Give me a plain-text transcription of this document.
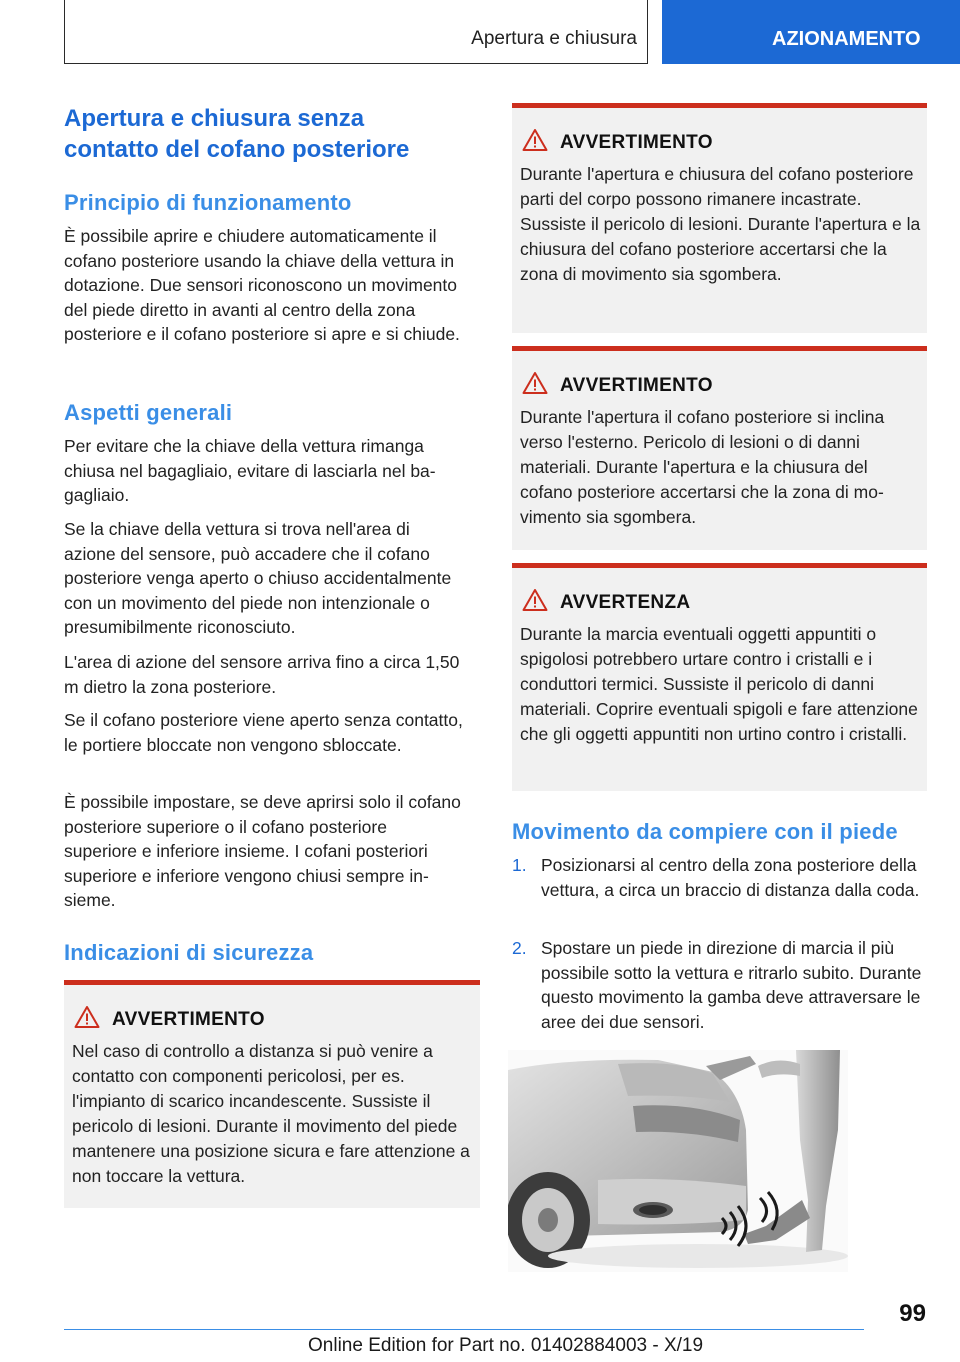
Apertura e chiusura	AZIONAMENTO
Apertura e chiusura senza
contatto del cofano posteriore
Principio di funzionamento

È possibile aprire e chiudere automaticamente il cofano posteriore usando la chiave della vettura in dotazione. Due sensori riconoscono un movimento del piede diretto in avanti al centro della zona posteriore e il cofano posteriore si apre e si chiude.

Aspetti generali

Per evitare che la chiave della vettura rimanga chiusa nel bagagliaio, evitare di lasciarla nel bagagliaio.

Se la chiave della vettura si trova nell'area di azione del sensore, può accadere che il cofano posteriore venga aperto o chiuso accidentalmente con un movimento del piede non intenzionale o presumibilmente riconosciuto.

L'area di azione del sensore arriva fino a circa 1,50 m dietro la zona posteriore.

Se il cofano posteriore viene aperto senza contatto, le portiere bloccate non vengono sbloccate.

È possibile impostare, se deve aprirsi solo il cofano posteriore superiore o il cofano posteriore superiore e inferiore insieme. I cofani posteriori superiore e inferiore vengono chiusi sempre insieme.

Indicazioni di sicurezza
AVVERTIMENTO

Nel caso di controllo a distanza si può venire a contatto con componenti pericolosi, per es. l'impianto di scarico incandescente. Sussiste il pericolo di lesioni. Durante il movimento del piede mantenere una posizione sicura e fare attenzione a non toccare la vettura.

AVVERTIMENTO

Durante l'apertura e chiusura del cofano posteriore parti del corpo possono rimanere incastrate. Sussiste il pericolo di lesioni. Durante l'apertura e la chiusura del cofano posteriore accertarsi che la zona di movimento sia sgombera.

AVVERTIMENTO

Durante l'apertura il cofano posteriore si inclina verso l'esterno. Pericolo di lesioni o di danni materiali. Durante l'apertura e la chiusura del cofano posteriore accertarsi che la zona di movimento sia sgombera.

AVVERTENZA

Durante la marcia eventuali oggetti appuntiti o spigolosi potrebbero urtare contro i cristalli e i conduttori termici. Sussiste il pericolo di danni materiali. Coprire eventuali spigoli e fare attenzione che gli oggetti appuntiti non urtino contro i cristalli.

Movimento da compiere con il piede
1. Posizionarsi al centro della zona posteriore della vettura, a circa un braccio di distanza dalla coda.

2. Spostare un piede in direzione di marcia il più possibile sotto la vettura e ritrarlo subito. Durante questo movimento la gamba deve attraversare le aree dei due sensori.

99
Online Edition for Part no. 01402884003 - X/19
